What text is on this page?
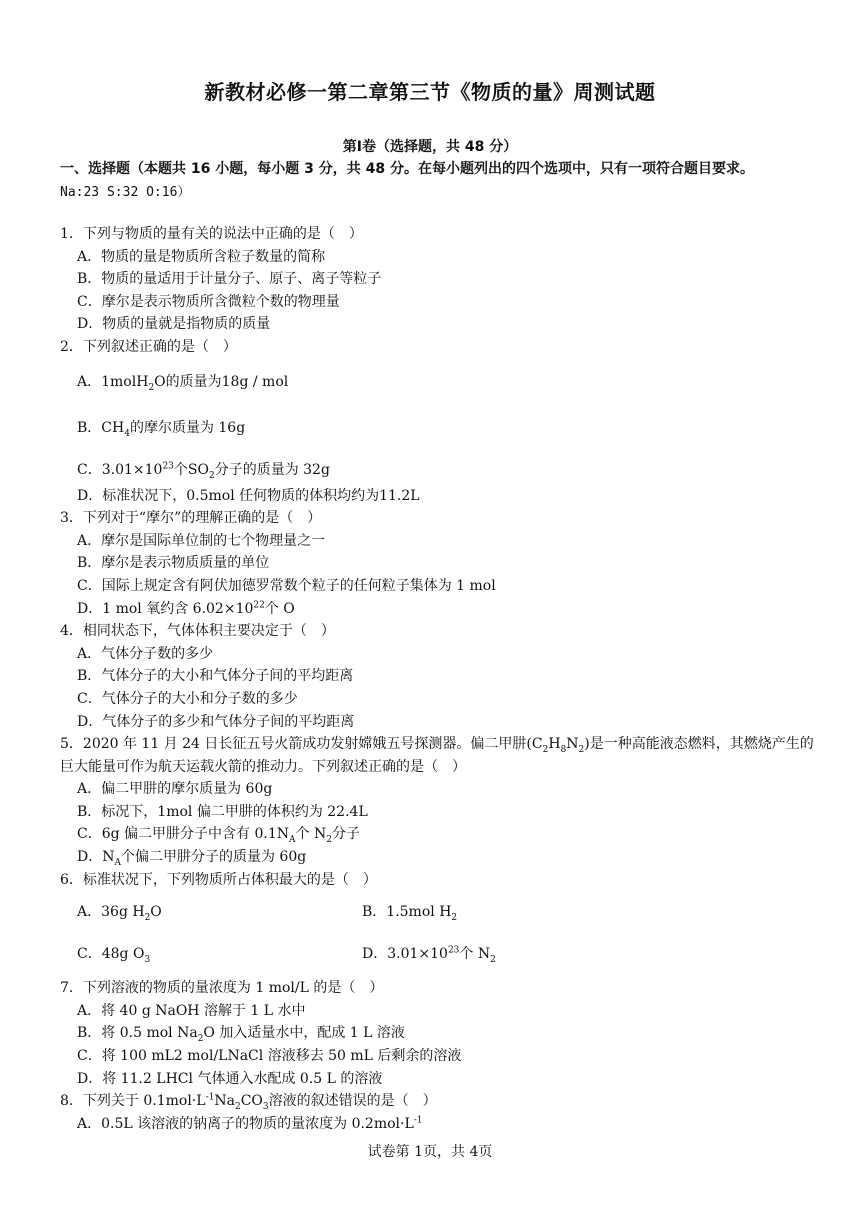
新教材必修一第二章第三节《物质的量》周测试题
第Ⅰ卷（选择题，共 48 分）
一、选择题（本题共 16 小题，每小题 3 分，共 48 分。在每小题列出的四个选项中，只有一项符合题目要求。
Na:23 S:32 O:16）
1．下列与物质的量有关的说法中正确的是（　）
A．物质的量是物质所含粒子数量的简称
B．物质的量适用于计量分子、原子、离子等粒子
C．摩尔是表示物质所含微粒个数的物理量
D．物质的量就是指物质的质量
2．下列叙述正确的是（　）
A．1molH$_2$O的质量为18g / mol
B．$CH_4$的摩尔质量为 16g
C．$3.01\times 10^{23}$个$SO_2$分子的质量为 32g
D．标准状况下，0.5mol 任何物质的体积均约为11.2L
3．下列对于“摩尔”的理解正确的是（　）
A．摩尔是国际单位制的七个物理量之一
B．摩尔是表示物质质量的单位
C．国际上规定含有阿伏加德罗常数个粒子的任何粒子集体为 1 mol
D．1 mol 氧约含 $6.02\times 10^{22}$个 O
4．相同状态下，气体体积主要决定于（　）
A．气体分子数的多少
B．气体分子的大小和气体分子间的平均距离
C．气体分子的大小和分子数的多少
D．气体分子的多少和气体分子间的平均距离
5．2020 年 11 月 24 日长征五号火箭成功发射嫦娥五号探测器。偏二甲肼$(C_2H_8N_2)$是一种高能液态燃料，其燃烧产生的巨大能量可作为航天运载火箭的推动力。下列叙述正确的是（　）
A．偏二甲肼的摩尔质量为 60g
B．标况下，1mol 偏二甲肼的体积约为 22.4L
C．6g 偏二甲肼分子中含有 $0.1N_A$个 $N_2$分子
D．$N_A$个偏二甲肼分子的质量为 60g
6．标准状况下，下列物质所占体积最大的是（　）
A．36g $H_2O$	B．1.5mol $H_2$
C．48g $O_3$	D．$3.01\times 10^{23}$个 $N_2$
7．下列溶液的物质的量浓度为 1 mol/L 的是（　）
A．将 40 g NaOH 溶解于 1 L 水中
B．将 0.5 mol $Na_2O$ 加入适量水中，配成 1 L 溶液
C．将 100 mL2 mol/LNaCl 溶液移去 50 mL 后剩余的溶液
D．将 11.2 LHCl 气体通入水配成 0.5 L 的溶液
8．下列关于 $0.1mol\cdot L^{-1}Na_2CO_3$溶液的叙述错误的是（　）
A．0.5L 该溶液的钠离子的物质的量浓度为 $0.2mol\cdot L^{-1}$
试卷第 1页，共 4页
